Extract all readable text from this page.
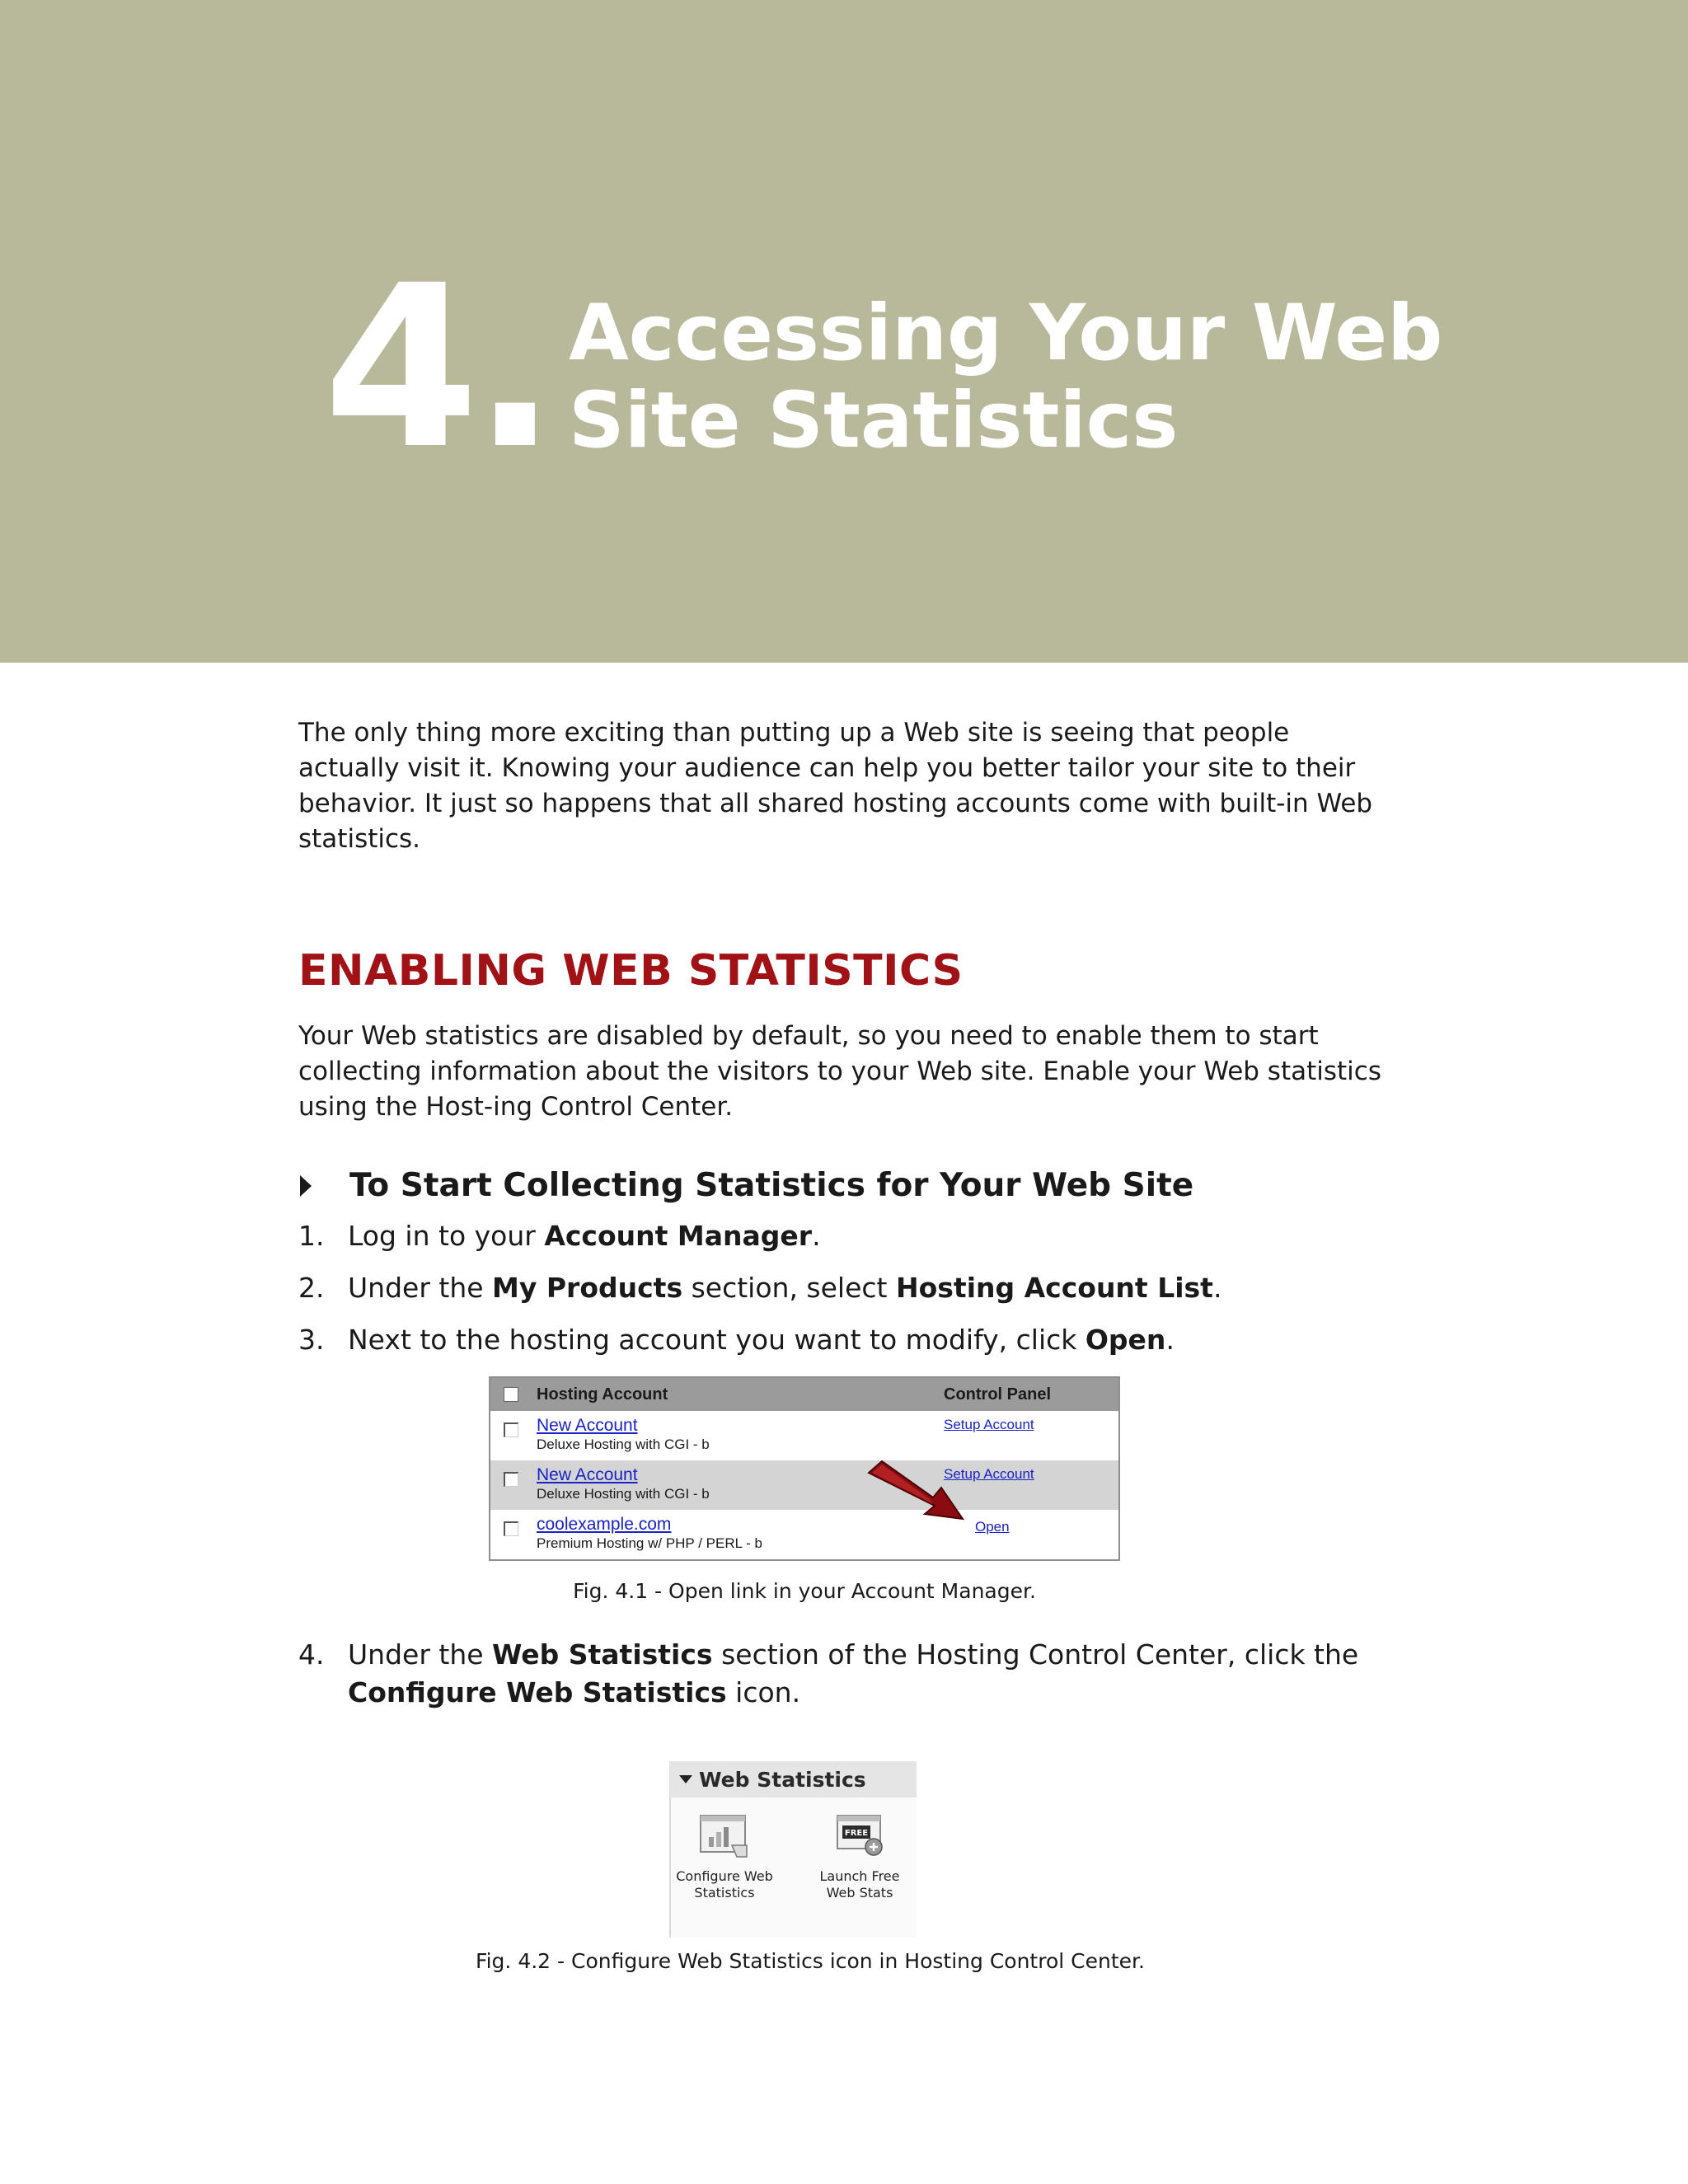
4. Accessing Your Web
Site Statistics

The only thing more exciting than putting up a Web site is seeing that people actually visit it. Knowing your audience can help you better tailor your site to their behavior. It just so happens that all shared hosting accounts come with built-in Web statistics.

ENABLING WEB STATISTICS

Your Web statistics are disabled by default, so you need to enable them to start collecting information about the visitors to your Web site. Enable your Web statistics using the Host-ing Control Center.

To Start Collecting Statistics for Your Web Site
1. Log in to your Account Manager.
2. Under the My Products section, select Hosting Account List.
3. Next to the hosting account you want to modify, click Open.
Hosting Account	Control Panel
New Account
Deluxe Hosting with CGI - b
Setup Account
New Account
Deluxe Hosting with CGI - b
Setup Account
coolexample.com
Premium Hosting w/ PHP / PERL - b
Open
Fig. 4.1 - Open link in your Account Manager.
4. Under the Web Statistics section of the Hosting Control Center, click the Configure Web Statistics icon.
Web Statistics
Configure Web
Statistics
FREE
Launch Free
Web Stats
Fig. 4.2 - Configure Web Statistics icon in Hosting Control Center.
